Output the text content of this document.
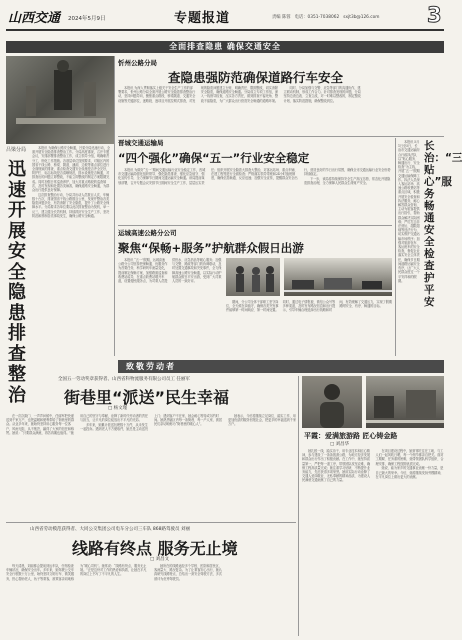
山西交通 2024年5月9日	专题报道	责编 陈蓉 电话：0351-7038062 sxjt3b@126.com 3
全面排查隐患 确保交通安全
吕梁分局
迅速开展安全隐患排查整治

本报讯 为确保公路安全畅通，吕梁分局迅速行动，全面开展安全隐患排查整治工作。分局高度重视，召开专题会议，安排部署排查整治工作，成立领导小组，明确职责分工，细化工作措施。各基层单位按照要求，对辖区内的国省干线公路、桥梁、隧道、涵洞、边坡等重点部位进行全面细致的排查，重点检查交通安全设施是否齐全完好，防护栏、标志标线是否清晰规范，排水设施是否畅通，对排查出的问题立即整改，不能立即整改的制定方案限期完成。同时加强日常巡查养护，加大对重点路段的巡查频次，及时发现和处置各类病害，确保道路安全畅通，为群众出行提供良好保障。

这次排查整治行动，分局共出动人员数百人次，车辆数十台次，排查国省干线公路数百公里，发现并整治各类隐患问题多处，有效消除了安全隐患，提升了公路安全保障水平。分局要求各单位要以此次排查整治为契机，举一反三，建立健全长效机制，持续抓好安全生产工作，坚决防范和遏制各类事故发生，确保公路安全畅通。

忻州公路分局
查隐患强防范确保道路行车安全

本报讯 为深入贯彻落实上级关于安全生产工作的部署要求，忻州公路分局全面开展公路安全隐患排查整治行动，坚持问题导向，聚焦重点路段、桥梁隧道、交通安全设施等关键部位，逐路段、逐项目开展拉网式排查，对发现的隐患问题建立台账、明确责任、限期整改，切实消除安全隐患，确保道路安全畅通。分局成立专项工作组，深入一线督导检查，压实各方责任，做到排查不留死角、整改不留隐患，为广大群众出行营造安全畅通的道路环境。

同时，分局加强与交警、应急等部门的沟通协作，建立联动机制，形成工作合力。针对排查发现的问题，分局坚持边查边改、立查立改，对一时难以整改的，制定整改计划，落实防范措施，确保整改到位。

晋城交通运输局
“四个强化”确保“五一”行业安全稳定

本报讯 为做好“五一”期间交通运输行业安全稳定工作，晋城市交通运输局强化组织领导、强化隐患排查、强化应急值守、强化宣传引导，全力保障节日期间交通运输安全畅通。该局提前谋划部署，召开专题会议安排节日期间安全生产工作，层层压实责任；组织开展安全隐患大排查大整治，对客运站场、重点车辆、在建工程等进行全面检查；严格落实领导带班和24小时值班制度，确保信息畅通、反应迅速；加强安全宣传，提醒群众安全出行，营造良好的节日出行氛围，确保全市交通运输行业安全形势持续稳定。

下一步，该局将持续保持安全生产高压态势，常态化开展隐患排查治理，全力保障人民群众生命财产安全。

运城高速公路分公司
聚焦“保畅+服务”护航群众假日出游

本报讯 “五一”假期，运城高速公路分公司坚持把保畅通、优服务作为首要任务，科学研判车流量变化，提前制定保畅方案，加强路面巡查和收费站疏导，在重点收费站增开车道，设置便民服务点，为司乘人员提供热水、应急药品等暖心服务；加强与交警、路政等部门的协调联动，及时处置交通事故和突发事件，全力保障高速公路安全畅通，以实际行动护航群众假日平安出游，受到广大司乘人员的一致好评。

期间，分公司全体干部职工坚守岗位，全天候在岗值守，确保各类突发事件能够第一时间响应、第一时间处置。同时，通过电子情报板、微信公众号等多种渠道，及时发布路况信息和出行提示，引导车辆合理选择出行线路和时间，有效缓解了交通压力，实现了假期路网安全、有序、畅通的目标。

本报讯 5月1日至5日，长治市交通运输综合行政执法队以“贴心服务、畅通出行、安全检查”为主线，开展“五一”假期交通运输保障工作。执法人员深入客运站场、高速公路收费站等重点区域，积极开展安全检查和执法服务，耐心解答群众咨询，主动为旅客提供出行指引，帮助群众解决实际困难；严厉打击非法营运、超限超载等违法行为，切实维护交通运输市场秩序；加强对旅游包车、客运班车的安全检查，督促企业落实安全主体责任，确保节日期间道路运输安全有序，让广大人民群众度过一个平安祥和的假期。

长治：“三贴心”服务畅通安全检查护平安
致敬劳动者
全国五一劳动奖章获得者、山西省科物流服务有限公司员工 任丽军
街巷里“派送”民生幸福
□ 杨文瑾

在一次次敲门、一声声问候中，任丽军把快递送到千家万户，也把温暖和便利带给了街巷里的群众。从业多年来，她始终坚持用心服务每一位客户，风雨无阻，从不抱怨，赢得了大家的信任和称赞。她说：“只要群众满意，再苦再累也值得。”她用自己的坚守与奉献，诠释了新时代劳动者的责任与担当，让平凡的岗位绽放出不平凡的光彩。

多年来，她累计派送包裹数十万件，从未发生一起投诉。遇到老人不方便取件，她总是主动送货上门；遇到客户不在家，她会耐心等待或另约时间。她熟悉辖区内每一条街巷、每一户人家，被居民们亲切地称为“街巷里的暖心人”。

她表示，今后将继续立足岗位、踏实工作，用更加优质的服务回报社会，把更多的幸福送到千家万户。

山西省劳动模范获得者、大同公交集团公司电车分公司三车队 868路驾驶员 刘丽
线路有终点 服务无止境
□ 刘昌文

每天清晨，刘丽都会提前到达车队，仔细检查车辆状况，确保安全出车。多年来，她驾驶公交车安全行驶数十万公里，始终坚持文明行车、微笑服务，热心帮助老人、孩子等乘客，被乘客亲切地称为“暖心司机”。她常说：“线路有终点，服务无止境。”正是这份对工作的热爱和执着，让她在平凡的岗位上书写了不平凡的人生。

她所在的线路途经多个学校、医院和居民区，客流量大、路况复杂。为了让乘客安心出行，她认真研究线路特点，总结出一套安全驾驶方法，多次被评为优秀驾驶员。

平霞：爱满旅游路 匠心铸金路
□ 刘昌华

她扎根一线，踏实肯干，用专业技术和匠心精神，参与建设了一条条旅游公路，为地方经济发展和群众出行作出了积极贡献。在工作中，她坚持质量第一，严把每一道工序，带领团队攻坚克难，确保工程高质量完成；她注重学习钻研，不断提升业务能力，先后获得多项荣誉。她用实际行动诠释了交通人爱岗敬业、无私奉献的精神品质，为建设人民满意交通贡献了自己的力量。

在项目建设过程中，她常常吃住在工地，与工人们一起风吹日晒，每一个细节都亲自把关。面对工期紧、任务重的困难，她带领团队科学组织、合理安排，确保工程按期优质完成。

她说，能为家乡的交通事业贡献一份力量，是自己最大的荣幸。今后，她将继续发扬劳模精神，在平凡岗位上做出更大的贡献。
